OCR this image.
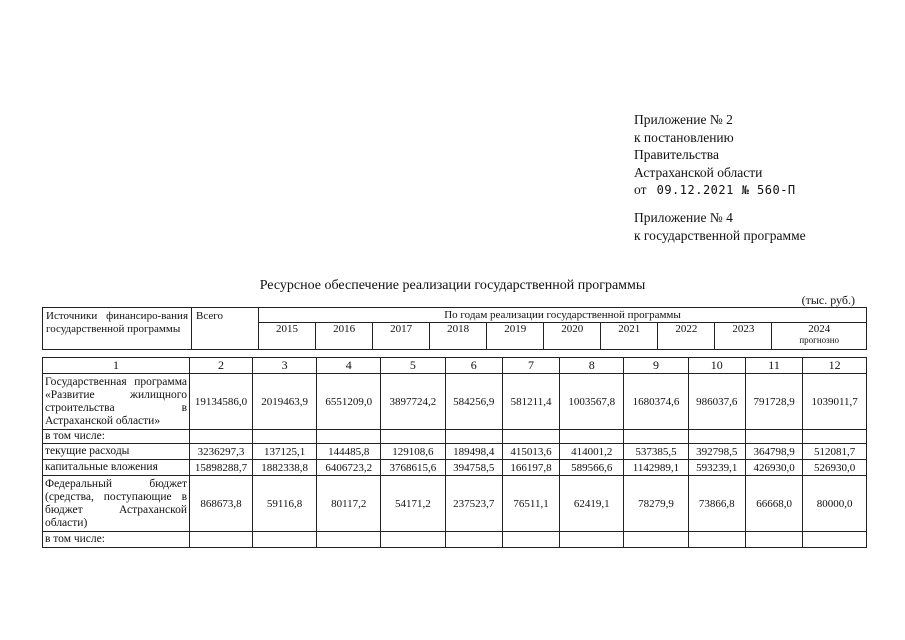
Приложение № 2
к постановлению
Правительства
Астраханской области
от 09.12.2021 № 560-П
Приложение № 4
к государственной программе
Ресурсное обеспечение реализации государственной программы
(тыс. руб.)
Источники финансиро-вания государственной программы	Всего	По годам реализации государственной программы									
		2015	2016	2017	2018	2019	2020	2021	2022	2023	2024
прогнозно
1	2	3	4	5	6	7	8	9	10	11	12
Государственная программа «Развитие жилищного строительства в Астраханской области»	19134586,0	2019463,9	6551209,0	3897724,2	584256,9	581211,4	1003567,8	1680374,6	986037,6	791728,9	1039011,7
в том числе:											
текущие расходы	3236297,3	137125,1	144485,8	129108,6	189498,4	415013,6	414001,2	537385,5	392798,5	364798,9	512081,7
капитальные вложения	15898288,7	1882338,8	6406723,2	3768615,6	394758,5	166197,8	589566,6	1142989,1	593239,1	426930,0	526930,0
Федеральный бюджет (средства, поступающие в бюджет Астраханской области)	868673,8	59116,8	80117,2	54171,2	237523,7	76511,1	62419,1	78279,9	73866,8	66668,0	80000,0
в том числе:											
